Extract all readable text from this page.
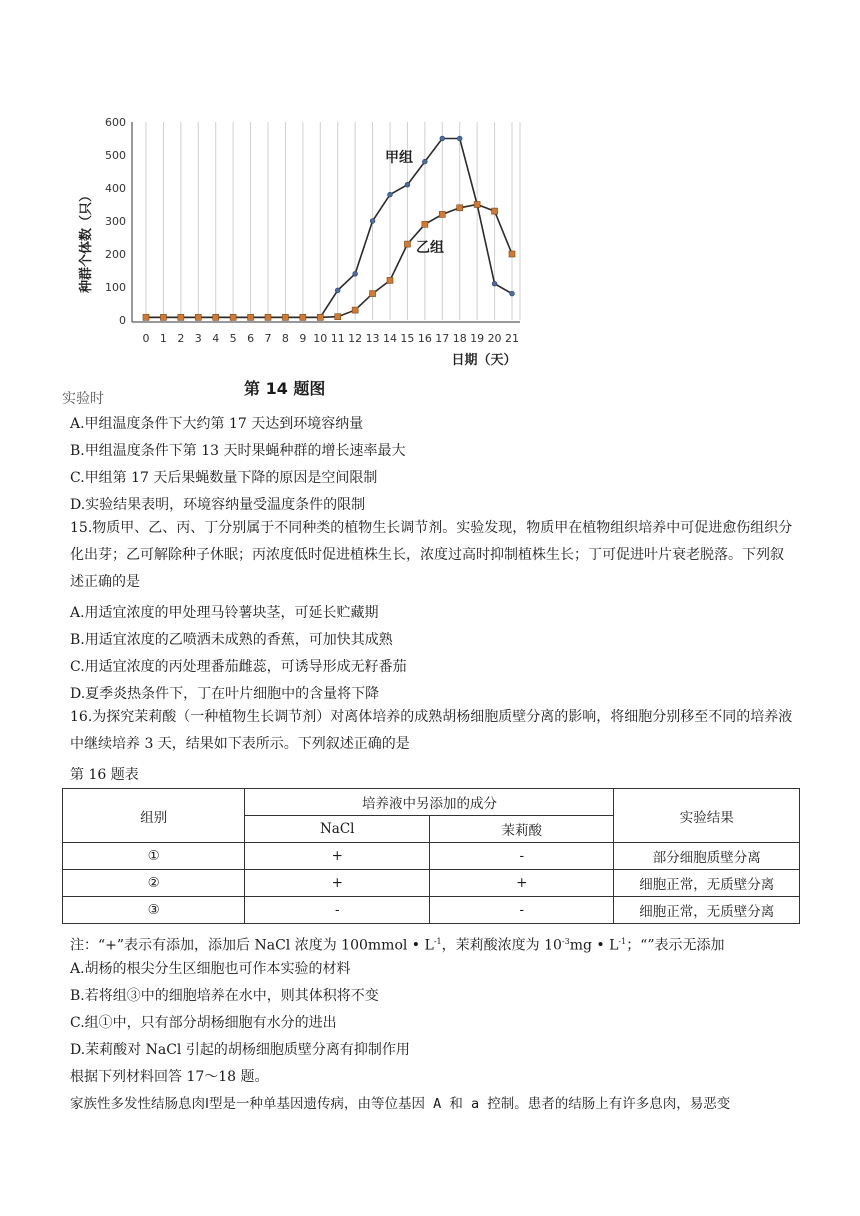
0
100
200
300
400
500
600
0 1 2 3 4 5 6 7 8 9 10 11 12 13 14 15 16 17 18 19 20 21
种群个体数（只）
日期（天）
甲组
乙组
实验时
第 14 题图
A.甲组温度条件下大约第 17 天达到环境容纳量
B.甲组温度条件下第 13 天时果蝇种群的增长速率最大
C.甲组第 17 天后果蝇数量下降的原因是空间限制
D.实验结果表明，环境容纳量受温度条件的限制
15.物质甲、乙、丙、丁分别属于不同种类的植物生长调节剂。实验发现，物质甲在植物组织培养中可促进愈伤组织分化出芽；乙可解除种子休眠；丙浓度低时促进植株生长，浓度过高时抑制植株生长；丁可促进叶片衰老脱落。下列叙述正确的是
A.用适宜浓度的甲处理马铃薯块茎，可延长贮藏期
B.用适宜浓度的乙喷洒未成熟的香蕉，可加快其成熟
C.用适宜浓度的丙处理番茄雌蕊，可诱导形成无籽番茄
D.夏季炎热条件下，丁在叶片细胞中的含量将下降
16.为探究茉莉酸（一种植物生长调节剂）对离体培养的成熟胡杨细胞质壁分离的影响，将细胞分别移至不同的培养液中继续培养 3 天，结果如下表所示。下列叙述正确的是
第 16 题表
组别	培养液中另添加的成分		实验结果
	NaCl	茉莉酸	
①	+	-	部分细胞质壁分离
②	+	+	细胞正常，无质壁分离
③	-	-	细胞正常，无质壁分离
注：“+”表示有添加，添加后 NaCl 浓度为 100mmol • $L^{-1}$，茉莉酸浓度为 $10^{-3}mg$ • $L^{-1}$；“”表示无添加
A.胡杨的根尖分生区细胞也可作本实验的材料
B.若将组③中的细胞培养在水中，则其体积将不变
C.组①中，只有部分胡杨细胞有水分的进出
D.茉莉酸对 NaCl 引起的胡杨细胞质壁分离有抑制作用
根据下列材料回答 17～18 题。
家族性多发性结肠息肉Ⅰ型是一种单基因遗传病，由等位基因 A 和 a 控制。患者的结肠上有许多息肉，易恶变
